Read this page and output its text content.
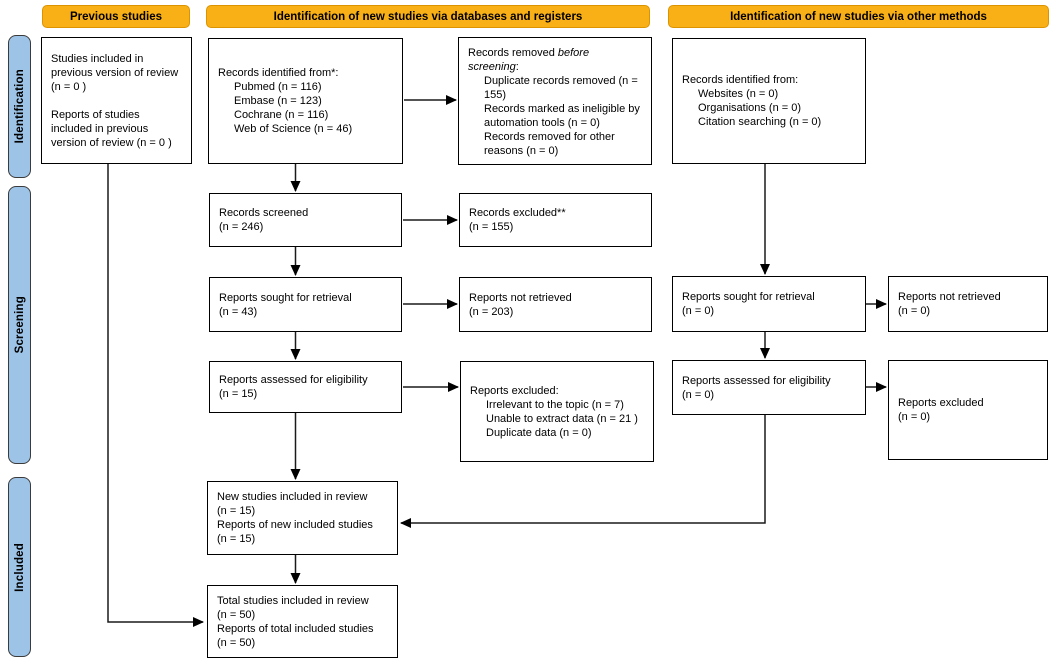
Previous studies	Identification of new studies via databases and registers	Identification of new studies via other methods
Identification
Screening
Included
Studies included in previous version of review (n = 0 )
Reports of studies included in previous version of review (n = 0 )
Records identified from*:
Pubmed (n = 116)
Embase (n = 123)
Cochrane (n = 116)
Web of Science (n = 46)
Records removed before screening:
Duplicate records removed (n = 155)
Records marked as ineligible by automation tools (n = 0)
Records removed for other reasons (n = 0)
Records identified from:
Websites (n = 0)
Organisations (n = 0)
Citation searching (n = 0)
Records screened
(n = 246)
Records excluded**
(n = 155)
Reports sought for retrieval
(n = 43)
Reports not retrieved
(n = 203)
Reports sought for retrieval
(n = 0)
Reports not retrieved
(n = 0)
Reports assessed for eligibility
(n = 15)	Reports excluded:
Irrelevant to the topic (n = 7)
Unable to extract data (n = 21 )
Duplicate data (n = 0)
Reports assessed for eligibility
(n = 0)
Reports excluded
(n = 0)
New studies included in review
(n = 15)
Reports of new included studies
(n = 15)
Total studies included in review
(n = 50)
Reports of total included studies
(n = 50)
